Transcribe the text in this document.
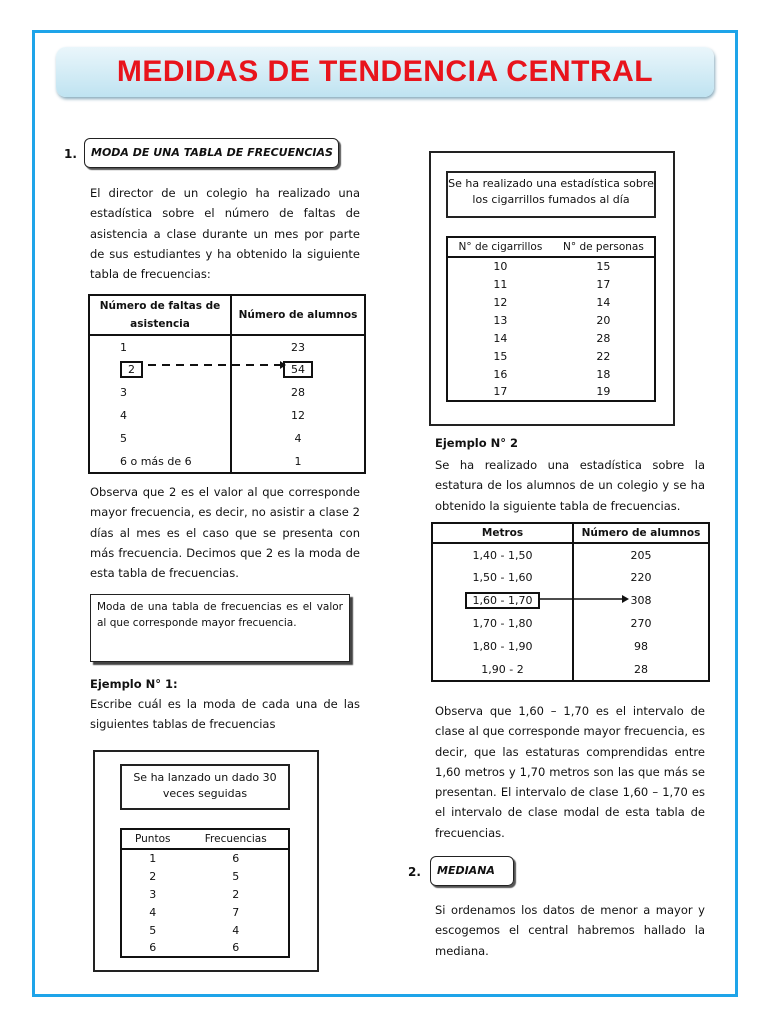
MEDIDAS DE TENDENCIA CENTRAL
1.	MODA DE UNA TABLA DE FRECUENCIAS
El director de un colegio ha realizado una estadística sobre el número de faltas de asistencia a clase durante un mes por parte de sus estudiantes y ha obtenido la siguiente tabla de frecuencias:
Número de faltas de asistencia	Número de alumnos
1	23
2	54
3	28
4	12
5	4
6 o más de 6	1
Observa que 2 es el valor al que corresponde mayor frecuencia, es decir, no asistir a clase 2 días al mes es el caso que se presenta con más frecuencia. Decimos que 2 es la moda de esta tabla de frecuencias.
Moda de una tabla de frecuencias es el valor al que corresponde mayor frecuencia.
Ejemplo N° 1:
Escribe cuál es la moda de cada una de las siguientes tablas de frecuencias
Se ha lanzado un dado 30 veces seguidas
Puntos	Frecuencias
1	6
2	5
3	2
4	7
5	4
6	6
Se ha realizado una estadística sobre los cigarrillos fumados al día
N° de cigarrillos	N° de personas
10	15
11	17
12	14
13	20
14	28
15	22
16	18
17	19
Ejemplo N° 2
Se ha realizado una estadística sobre la estatura de los alumnos de un colegio y se ha obtenido la siguiente tabla de frecuencias.
Metros	Número de alumnos
1,40 - 1,50	205
1,50 - 1,60	220
1,60 - 1,70	308
1,70 - 1,80	270
1,80 - 1,90	98
1,90 - 2	28
Observa que 1,60 – 1,70 es el intervalo de clase al que corresponde mayor frecuencia, es decir, que las estaturas comprendidas entre 1,60 metros y 1,70 metros son las que más se presentan. El intervalo de clase 1,60 – 1,70 es el intervalo de clase modal de esta tabla de frecuencias.
2.	MEDIANA
Si ordenamos los datos de menor a mayor y escogemos el central habremos hallado la mediana.
